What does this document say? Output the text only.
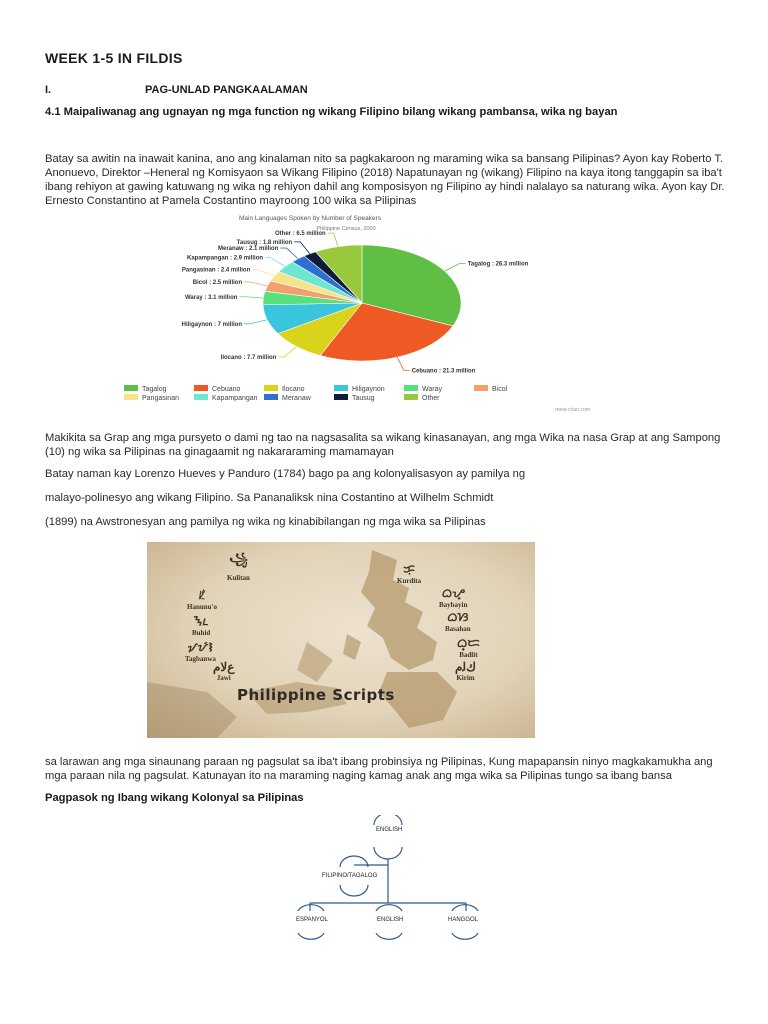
WEEK 1-5 IN FILDIS
I.	PAG-UNLAD PANGKAALAMAN
4.1 Maipaliwanag ang ugnayan ng mga function ng wikang Filipino bilang wikang pambansa, wika ng bayan
Batay sa awitin na inawait kanina, ano ang kinalaman nito sa pagkakaroon ng maraming wika sa bansang Pilipinas? Ayon kay Roberto T. Anonuevo, Direktor –Heneral ng Komisyaon sa Wikang Filipino (2018) Napatunayan ng (wikang) Filipino na kaya itong tanggapin sa iba't ibang rehiyon at gawing katuwang ng wika ng rehiyon dahil ang komposisyon ng Filipino ay hindi nalalayo sa naturang wika. Ayon kay Dr. Ernesto Constantino at Pamela Costantino mayroong 100 wika sa Pilipinas
Main Languages Spoken by Number of Speakers
Philippine Census, 2000
Tagalog : 26.3 million
Cebuano : 21.3 million
Ilocano : 7.7 million
Hiligaynon : 7 million
Waray : 3.1 million
Bicol : 2.5 million
Pangasinan : 2.4 million
Kapampangan : 2.9 million
Meranaw : 2.1 million
Tausug : 1.8 million
Other : 6.5 million
Tagalog	Cebuano	Ilocano	Hiligaynon	Waray	Bicol
Pangasinan	Kapampangan	Meranaw	Tausug	Other
meta-chart.com
Makikita sa Grap ang mga pursyeto o dami ng tao na nagsasalita sa wikang kinasanayan, ang mga Wika na nasa Grap at ang Sampong (10) ng wika sa Pilipinas na ginagaamit ng nakararaming mamamayan
Batay naman kay Lorenzo Hueves y Panduro (1784) bago pa ang kolonyalisasyon ay pamilya ng
malayo-polinesyo ang wikang Filipino. Sa Pananaliksk nina Costantino at Wilhelm Schmidt
(1899) na Awstronesyan ang pamilya ng wika ng kinabibilangan ng mga wika sa Pilipinas
꧁
Kulitan
ᜱᜲᜳ
Hanunu'o
ᝐᝑ
Buhid
ᝠᝡᝢ
Tagbanwa
ﻉﻻﻡ
Jawi
ᜃᜓ
Kurdita
ᜊᜌ᜔
Baybayin
ᜊᜐ
Basahan
ᜊ᜔ᜇ
Badlit
ﻙﻟﻡ
Kirim
Philippine Scripts
sa larawan ang mga sinaunang paraan ng pagsulat sa iba't ibang probinsiya ng Pilipinas, Kung mapapansin ninyo magkakamukha ang mga paraan nila ng pagsulat. Katunayan ito na maraming naging kamag anak ang mga wika sa Pilipinas tungo sa ibang bansa
Pagpasok ng Ibang wikang Kolonyal sa Pilipinas
ENGLISH
FILIPINO/TAGALOG
ESPANYOL	ENGLISH	HANGGOL
